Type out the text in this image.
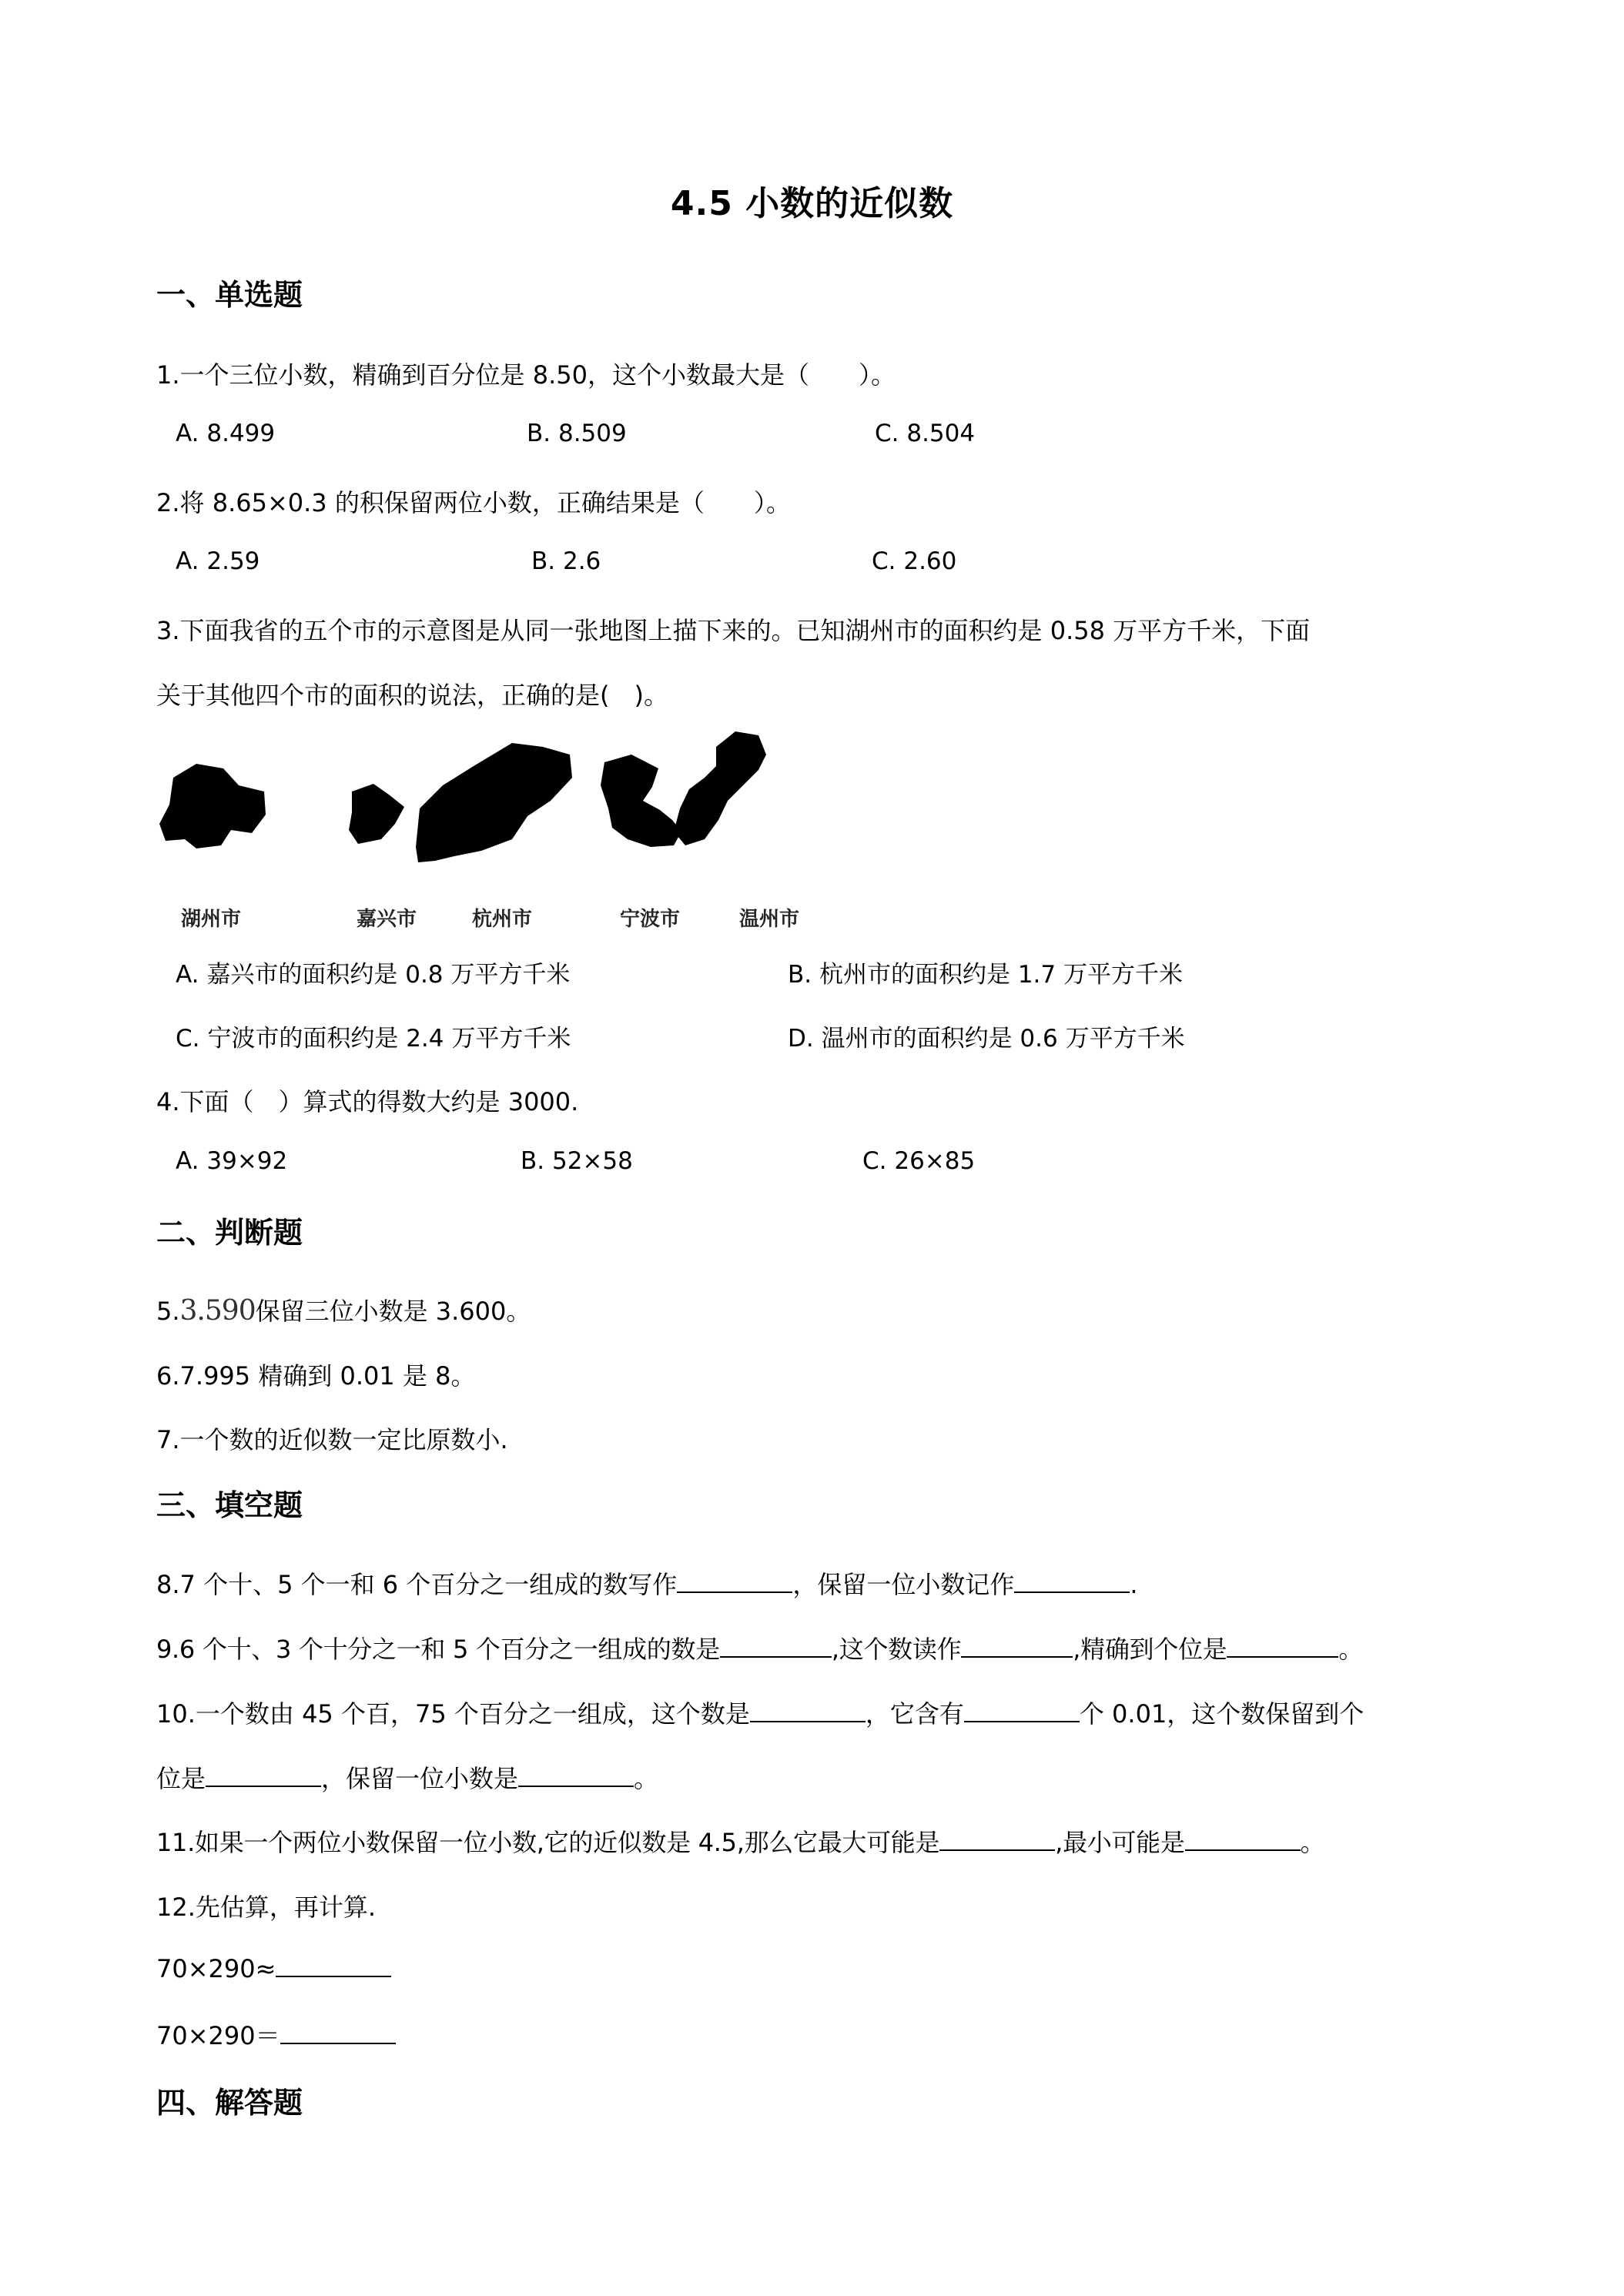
4.5 小数的近似数
一、单选题
1.一个三位小数，精确到百分位是 8.50，这个小数最大是（　　）。
A. 8.499	B. 8.509	C. 8.504
2.将 8.65×0.3 的积保留两位小数，正确结果是（　　）。
A. 2.59	B. 2.6	C. 2.60
3.下面我省的五个市的示意图是从同一张地图上描下来的。已知湖州市的面积约是 0.58 万平方千米，下面
关于其他四个市的面积的说法，正确的是(　)。
湖州市	嘉兴市	杭州市	宁波市	温州市
A. 嘉兴市的面积约是 0.8 万平方千米	B. 杭州市的面积约是 1.7 万平方千米
C. 宁波市的面积约是 2.4 万平方千米	D. 温州市的面积约是 0.6 万平方千米
4.下面（　）算式的得数大约是 3000.
A. 39×92	B. 52×58	C. 26×85
二、判断题
5.3.590保留三位小数是 3.600。
6.7.995 精确到 0.01 是 8。
7.一个数的近似数一定比原数小.
三、填空题
8.7 个十、5 个一和 6 个百分之一组成的数写作	，保留一位小数记作	.
9.6 个十、3 个十分之一和 5 个百分之一组成的数是	,这个数读作	,精确到个位是	。
10.一个数由 45 个百，75 个百分之一组成，这个数是	，它含有	个 0.01，这个数保留到个
位是	，保留一位小数是	。
11.如果一个两位小数保留一位小数,它的近似数是 4.5,那么它最大可能是	,最小可能是	。
12.先估算，再计算.
70×290≈
70×290＝
四、解答题
